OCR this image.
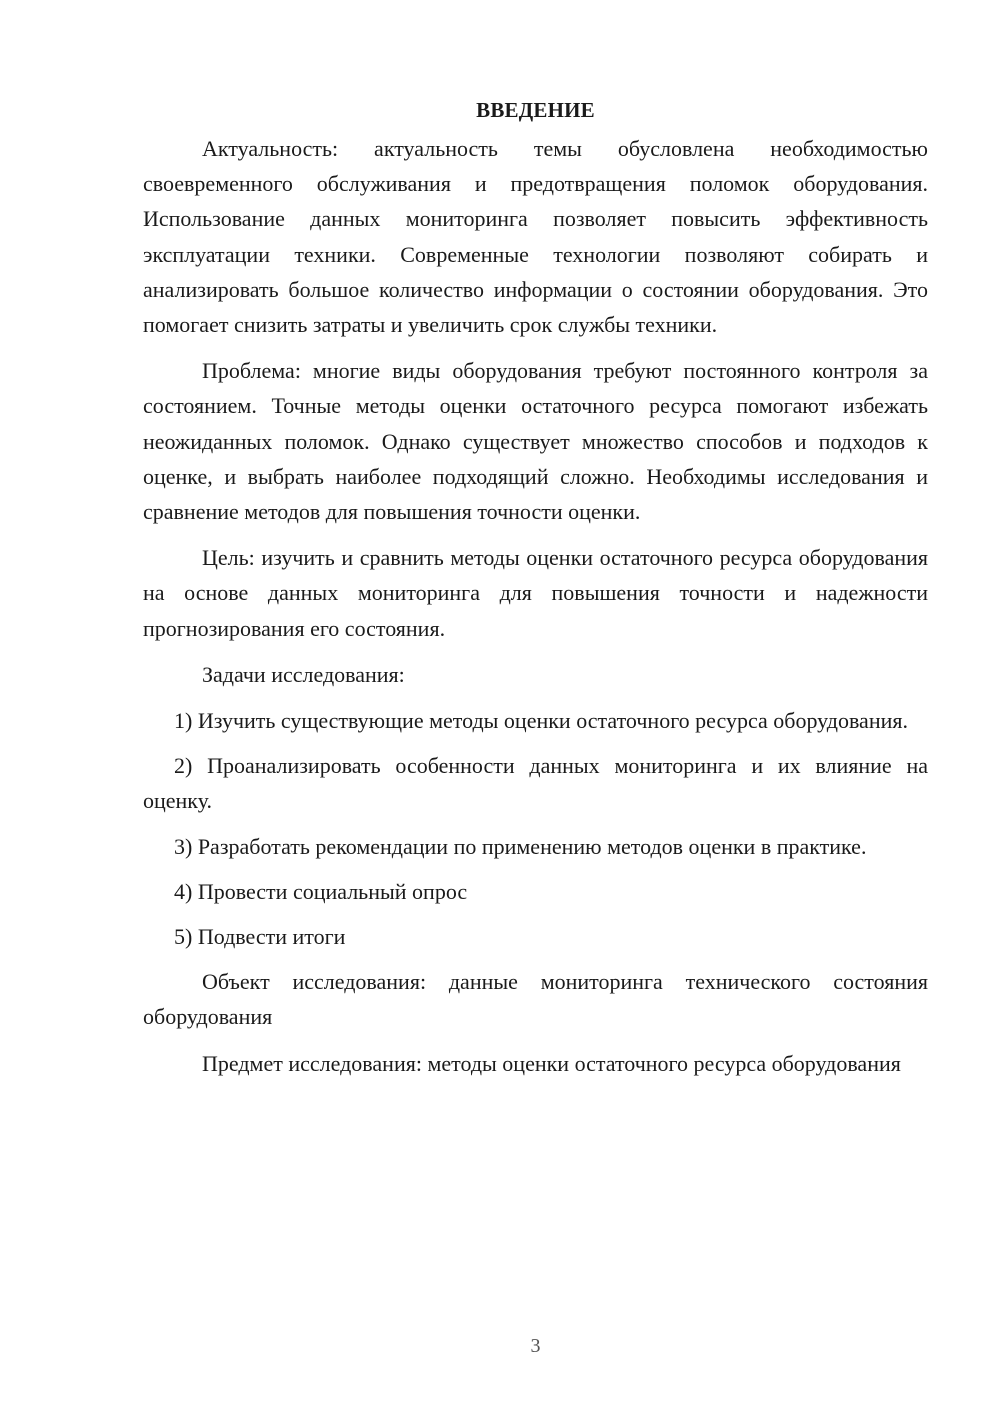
ВВЕДЕНИЕ

Актуальность: актуальность темы обусловлена необходимостью своевременного обслуживания и предотвращения поломок оборудования. Использование данных мониторинга позволяет повысить эффективность эксплуатации техники. Современные технологии позволяют собирать и анализировать большое количество информации о состоянии оборудования. Это помогает снизить затраты и увеличить срок службы техники.

Проблема: многие виды оборудования требуют постоянного контроля за состоянием. Точные методы оценки остаточного ресурса помогают избежать неожиданных поломок. Однако существует множество способов и подходов к оценке, и выбрать наиболее подходящий сложно. Необходимы исследования и сравнение методов для повышения точности оценки.

Цель: изучить и сравнить методы оценки остаточного ресурса оборудования на основе данных мониторинга для повышения точности и надежности прогнозирования его состояния.

Задачи исследования:

1) Изучить существующие методы оценки остаточного ресурса оборудования.

2) Проанализировать особенности данных мониторинга и их влияние на оценку.

3) Разработать рекомендации по применению методов оценки в практике.

4) Провести социальный опрос

5) Подвести итоги

Объект исследования: данные мониторинга технического состояния оборудования

Предмет исследования: методы оценки остаточного ресурса оборудования

3
